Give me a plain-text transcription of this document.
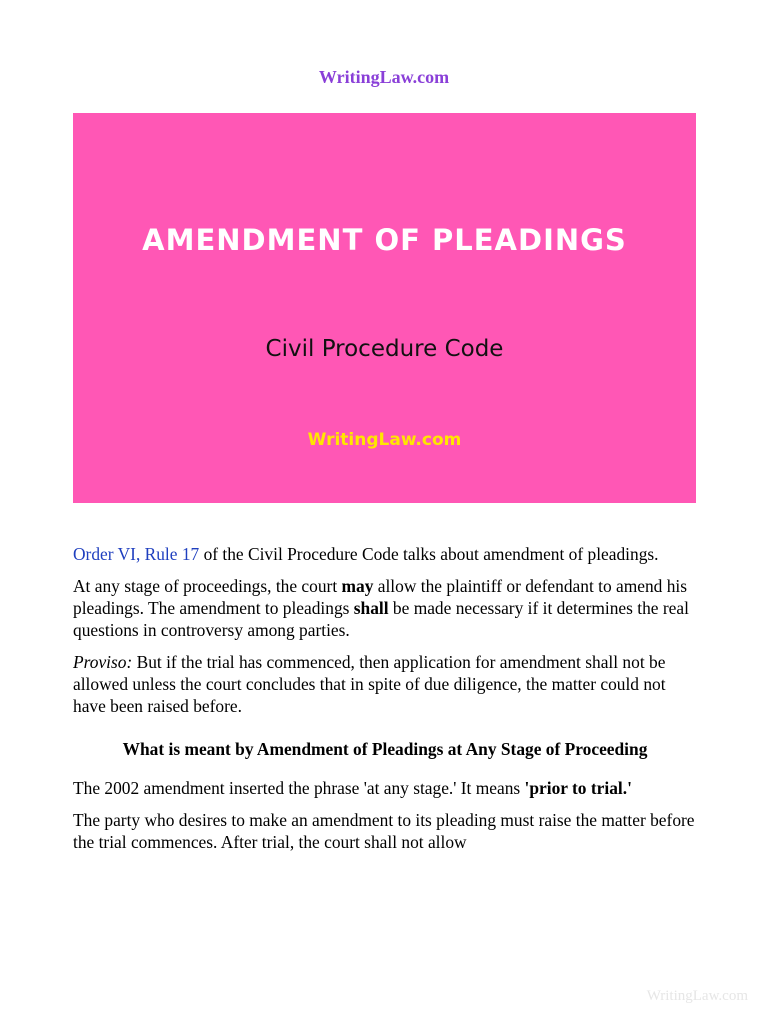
WritingLaw.com
AMENDMENT OF PLEADINGS
Civil Procedure Code
WritingLaw.com

Order VI, Rule 17 of the Civil Procedure Code talks about amendment of pleadings.

At any stage of proceedings, the court may allow the plaintiff or defendant to amend his pleadings. The amendment to pleadings shall be made necessary if it determines the real questions in controversy among parties.

Proviso: But if the trial has commenced, then application for amendment shall not be allowed unless the court concludes that in spite of due diligence, the matter could not have been raised before.

What is meant by Amendment of Pleadings at Any Stage of Proceeding

The 2002 amendment inserted the phrase 'at any stage.' It means 'prior to trial.'

The party who desires to make an amendment to its pleading must raise the matter before the trial commences. After trial, the court shall not allow

WritingLaw.com
